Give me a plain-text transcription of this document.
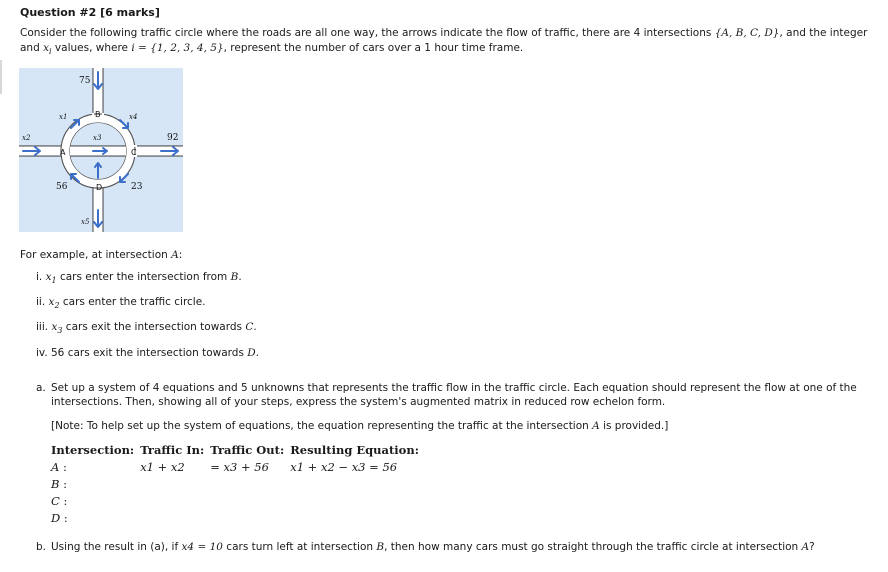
Question #2 [6 marks]
Consider the following traffic circle where the roads are all one way, the arrows indicate the flow of traffic, there are 4 intersections {A, B, C, D}, and the integer
and $x_i$ values, where i = {1, 2, 3, 4, 5}, represent the number of cars over a 1 hour time frame.
75
B	x4
x1
x3
x2	92
A	C
56	D	23
x5
For example, at intersection A:
i. $x_1$ cars enter the intersection from B.
ii. $x_2$ cars enter the traffic circle.
iii. $x_3$ cars exit the intersection towards C.
iv. 56 cars exit the intersection towards D.
a. Set up a system of 4 equations and 5 unknowns that represents the traffic flow in the traffic circle. Each equation should represent the flow at one of the
intersections. Then, showing all of your steps, express the system's augmented matrix in reduced row echelon form.
[Note: To help set up the system of equations, the equation representing the traffic at the intersection A is provided.]
Intersection:	Traffic In:	Traffic Out:	Resulting Equation:
A :	x1 + x2	= x3 + 56	x1 + x2 − x3 = 56
B :			
C :			
D :			
b. Using the result in (a), if x4 = 10 cars turn left at intersection B, then how many cars must go straight through the traffic circle at intersection A?
